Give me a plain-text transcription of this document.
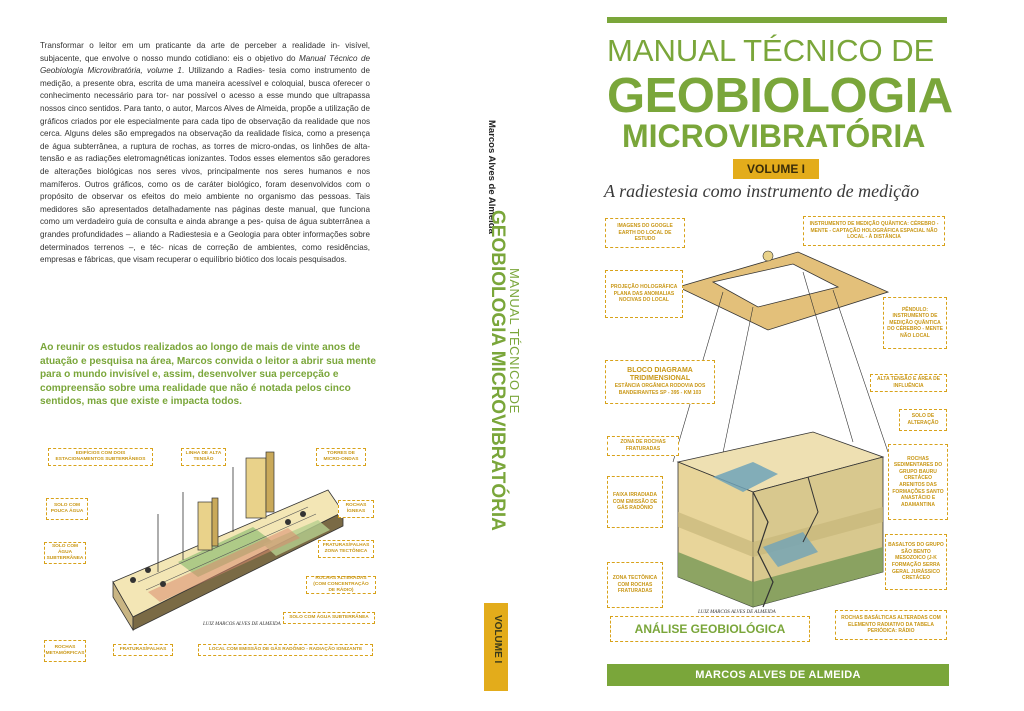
Transformar o leitor em um praticante da arte de perceber a realidade in- visível, subjacente, que envolve o nosso mundo cotidiano: eis o objetivo do Manual Técnico de Geobiologia Microvibratória, volume 1. Utilizando a Radies- tesia como instrumento de medição, a presente obra, escrita de uma maneira acessível e coloquial, busca oferecer o conhecimento necessário para tor- nar possível o acesso a esse mundo que ultrapassa nossos cinco sentidos. Para tanto, o autor, Marcos Alves de Almeida, propõe a utilização de gráficos criados por ele especialmente para cada tipo de observação da realidade que nos cerca. Alguns deles são empregados na observação da realidade física, como a presença de água subterrânea, a ruptura de rochas, as torres de micro-ondas, os linhões de alta-tensão e as radiações eletromagnéticas ionizantes. Todos esses elementos são geradores de alterações biológicas nos seres vivos, principalmente nos seres humanos e nos mamíferos. Outros gráficos, como os de caráter biológico, foram desenvolvidos com o propósito de observar os efeitos do meio ambiente no organismo das pessoas. Tais medidores são apresentados detalhadamente nas páginas deste manual, que funciona como um verdadeiro guia de consulta e ainda abrange a pes- quisa de água subterrânea a grandes profundidades – aliando a Radiestesia e a Geologia para obter informações sobre determinados terrenos –, e téc- nicas de correção de ambientes, como residências, empresas e fábricas, que visam recuperar o equilíbrio biótico dos locais pesquisados.

Ao reunir os estudos realizados ao longo de mais de vinte anos de atuação e pesquisa na área, Marcos convida o leitor a abrir sua mente para o mundo invisível e, assim, desenvolver sua percepção e compreensão sobre uma realidade que não é notada pelos cinco sentidos, mas que existe e impacta todos.
EDIFÍCIOS COM DOIS ESTACIONAMENTOS SUBTERRÂNEOS
LINHA DE ALTA TENSÃO
TORRES DE MICRO-ONDAS
SOLO COM POUCA ÁGUA
ROCHAS ÍGNEAS
SOLO COM ÁGUA SUBTERRÂNEA
FRATURAS/FALHAS ZONA TECTÔNICA
ROCHAS ALTERADAS (COM CONCENTRAÇÃO DE RÁDIO)
SOLO COM ÁGUA SUBTERRÂNEA
ROCHAS METAMÓRFICAS
FRATURAS/FALHAS	LOCAL COM EMISSÃO DE GÁS RADÔNIO - RADIAÇÃO IONIZANTE
LUIZ MARCOS ALVES DE ALMEIDA
Marcos Alves de Almeida
MANUAL TÉCNICO DE
GEOBIOLOGIA MICROVIBRATÓRIA
VOLUME I
MANUAL TÉCNICO DE
GEOBIOLOGIA
MICROVIBRATÓRIA
VOLUME I
A radiestesia como instrumento de medição
IMAGENS DO GOOGLE EARTH DO LOCAL DE ESTUDO
INSTRUMENTO DE MEDIÇÃO QUÂNTICA: CÉREBRO - MENTE - CAPTAÇÃO HOLOGRÁFICA ESPACIAL NÃO LOCAL - À DISTÂNCIA
PROJEÇÃO HOLOGRÁFICA PLANA DAS ANOMALIAS NOCIVAS DO LOCAL
PÊNDULO: INSTRUMENTO DE MEDIÇÃO QUÂNTICA DO CÉREBRO - MENTE NÃO LOCAL
BLOCO DIAGRAMA TRIDIMENSIONAL
ESTÂNCIA ORGÂNICA RODOVIA DOS BANDEIRANTES SP - 395 - KM 103
ALTA TENSÃO E ÁREA DE INFLUÊNCIA
SOLO DE ALTERAÇÃO
ZONA DE ROCHAS FRATURADAS
ROCHAS SEDIMENTARES DO GRUPO BAURU CRETÁCEO ARENITOS DAS FORMAÇÕES SANTO ANASTÁCIO E ADAMANTINA
FAIXA IRRADIADA COM EMISSÃO DE GÁS RADÔNIO
BASALTOS DO GRUPO SÃO BENTO MESOZOICO (J-K FORMAÇÃO SERRA GERAL JURÁSSICO CRETÁCEO
ZONA TECTÔNICA COM ROCHAS FRATURADAS
ROCHAS BASÁLTICAS ALTERADAS COM ELEMENTO RADIATIVO DA TABELA PERIÓDICA: RÁDIO
LUIZ MARCOS ALVES DE ALMEIDA
ANÁLISE GEOBIOLÓGICA
MARCOS ALVES DE ALMEIDA
